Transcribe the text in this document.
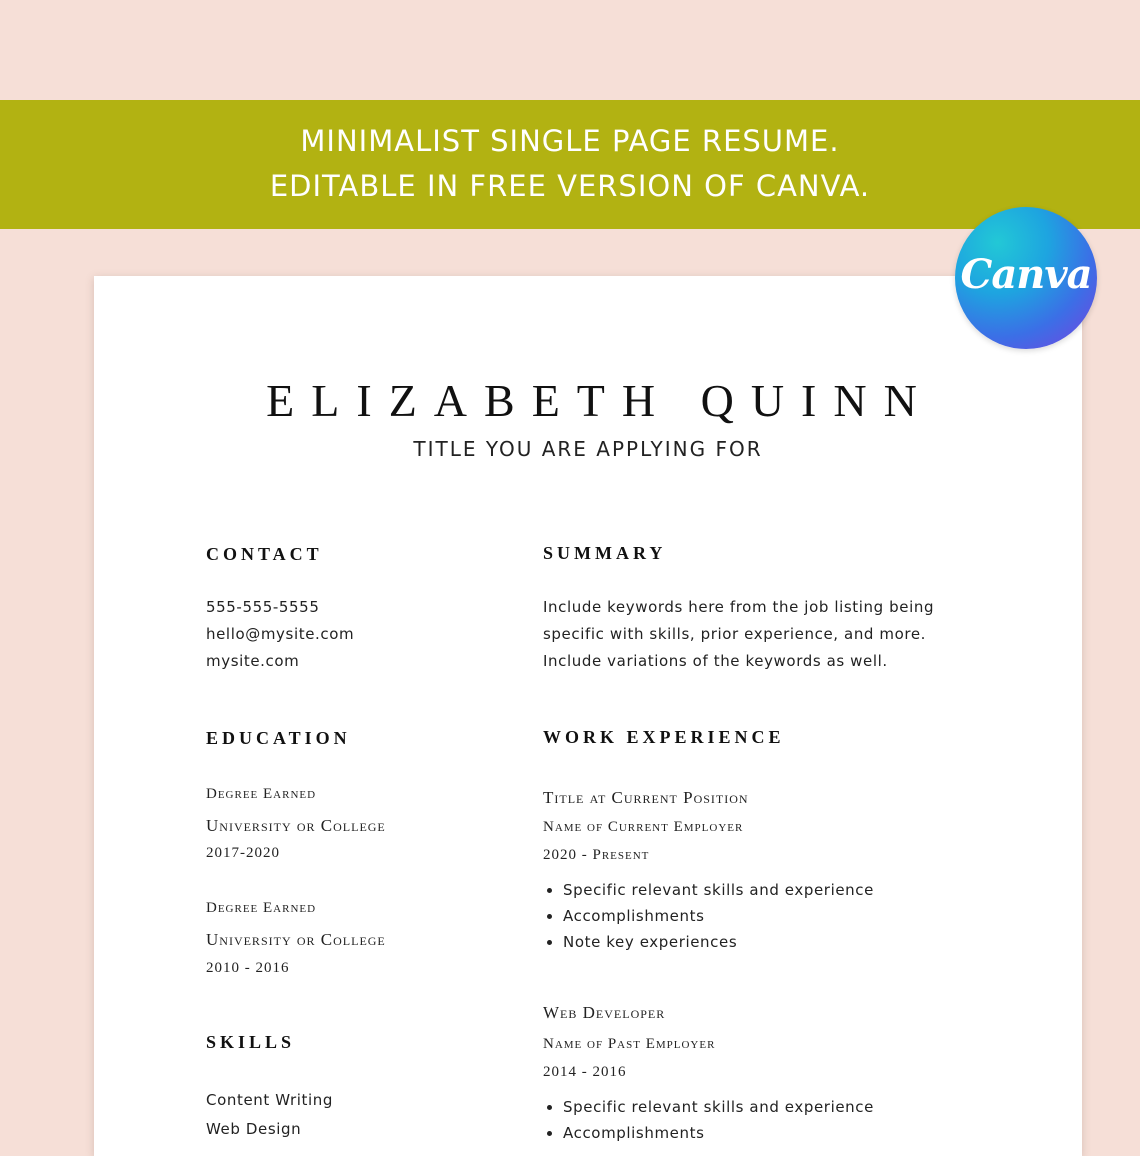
MINIMALIST SINGLE PAGE RESUME.
EDITABLE IN FREE VERSION OF CANVA.
ELIZABETH QUINN
TITLE YOU ARE APPLYING FOR
CONTACT
555-555-5555
hello@mysite.com
mysite.com
SUMMARY
Include keywords here from the job listing being
specific with skills, prior experience, and more.
Include variations of the keywords as well.
EDUCATION
Degree Earned
University or College
2017-2020
Degree Earned
University or College
2010 - 2016
WORK EXPERIENCE
Title at Current Position
Name of Current Employer
2020 - Present
• Specific relevant skills and experience
• Accomplishments
• Note key experiences
Web Developer
Name of Past Employer
2014 - 2016
• Specific relevant skills and experience
• Accomplishments
SKILLS
Content Writing
Web Design
Canva
